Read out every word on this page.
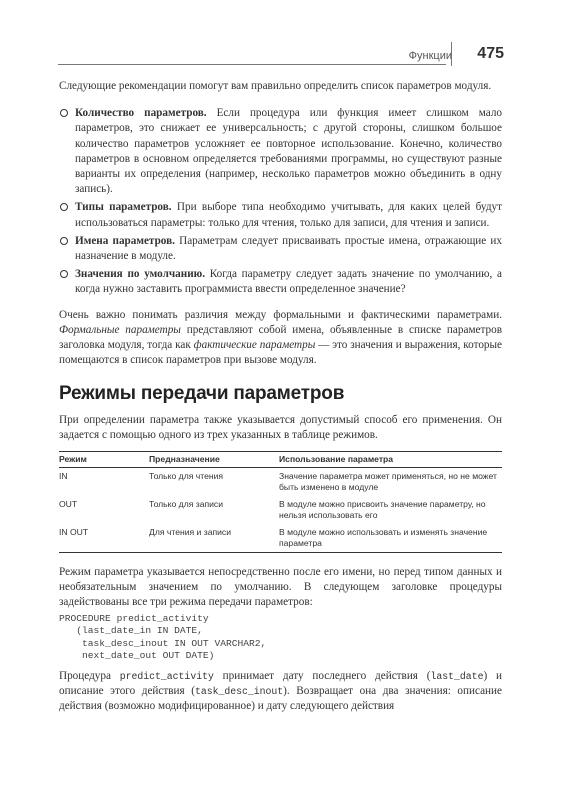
Функции 475

Следующие рекомендации помогут вам правильно определить список параметров модуля.

Количество параметров. Если процедура или функция имеет слишком мало параметров, это снижает ее универсальность; с другой стороны, слишком большое количество параметров усложняет ее повторное использование. Конечно, количество параметров в основном определяется требованиями программы, но существуют разные варианты их определения (например, несколько параметров можно объединить в одну запись).
Типы параметров. При выборе типа необходимо учитывать, для каких целей будут использоваться параметры: только для чтения, только для записи, для чтения и записи.
Имена параметров. Параметрам следует присваивать простые имена, отражающие их назначение в модуле.
Значения по умолчанию. Когда параметру следует задать значение по умолчанию, а когда нужно заставить программиста ввести определенное значение?

Очень важно понимать различия между формальными и фактическими параметрами. Формальные параметры представляют собой имена, объявленные в списке параметров заголовка модуля, тогда как фактические параметры — это значения и выражения, которые помещаются в список параметров при вызове модуля.

Режимы передачи параметров

При определении параметра также указывается допустимый способ его применения. Он задается с помощью одного из трех указанных в таблице режимов.

Режим	Предназначение	Использование параметра
IN	Только для чтения	Значение параметра может применяться, но не может быть изменено в модуле
OUT	Только для записи	В модуле можно присвоить значение параметру, но нельзя использовать его
IN OUT	Для чтения и записи	В модуле можно использовать и изменять значение параметра

Режим параметра указывается непосредственно после его имени, но перед типом данных и необязательным значением по умолчанию. В следующем заголовке процедуры задействованы все три режима передачи параметров:

PROCEDURE predict_activity
(last_date_in IN DATE,
task_desc_inout IN OUT VARCHAR2,
next_date_out OUT DATE)

Процедура predict_activity принимает дату последнего действия (last_date) и описание этого действия (task_desc_inout). Возвращает она два значения: описание действия (возможно модифицированное) и дату следующего действия
